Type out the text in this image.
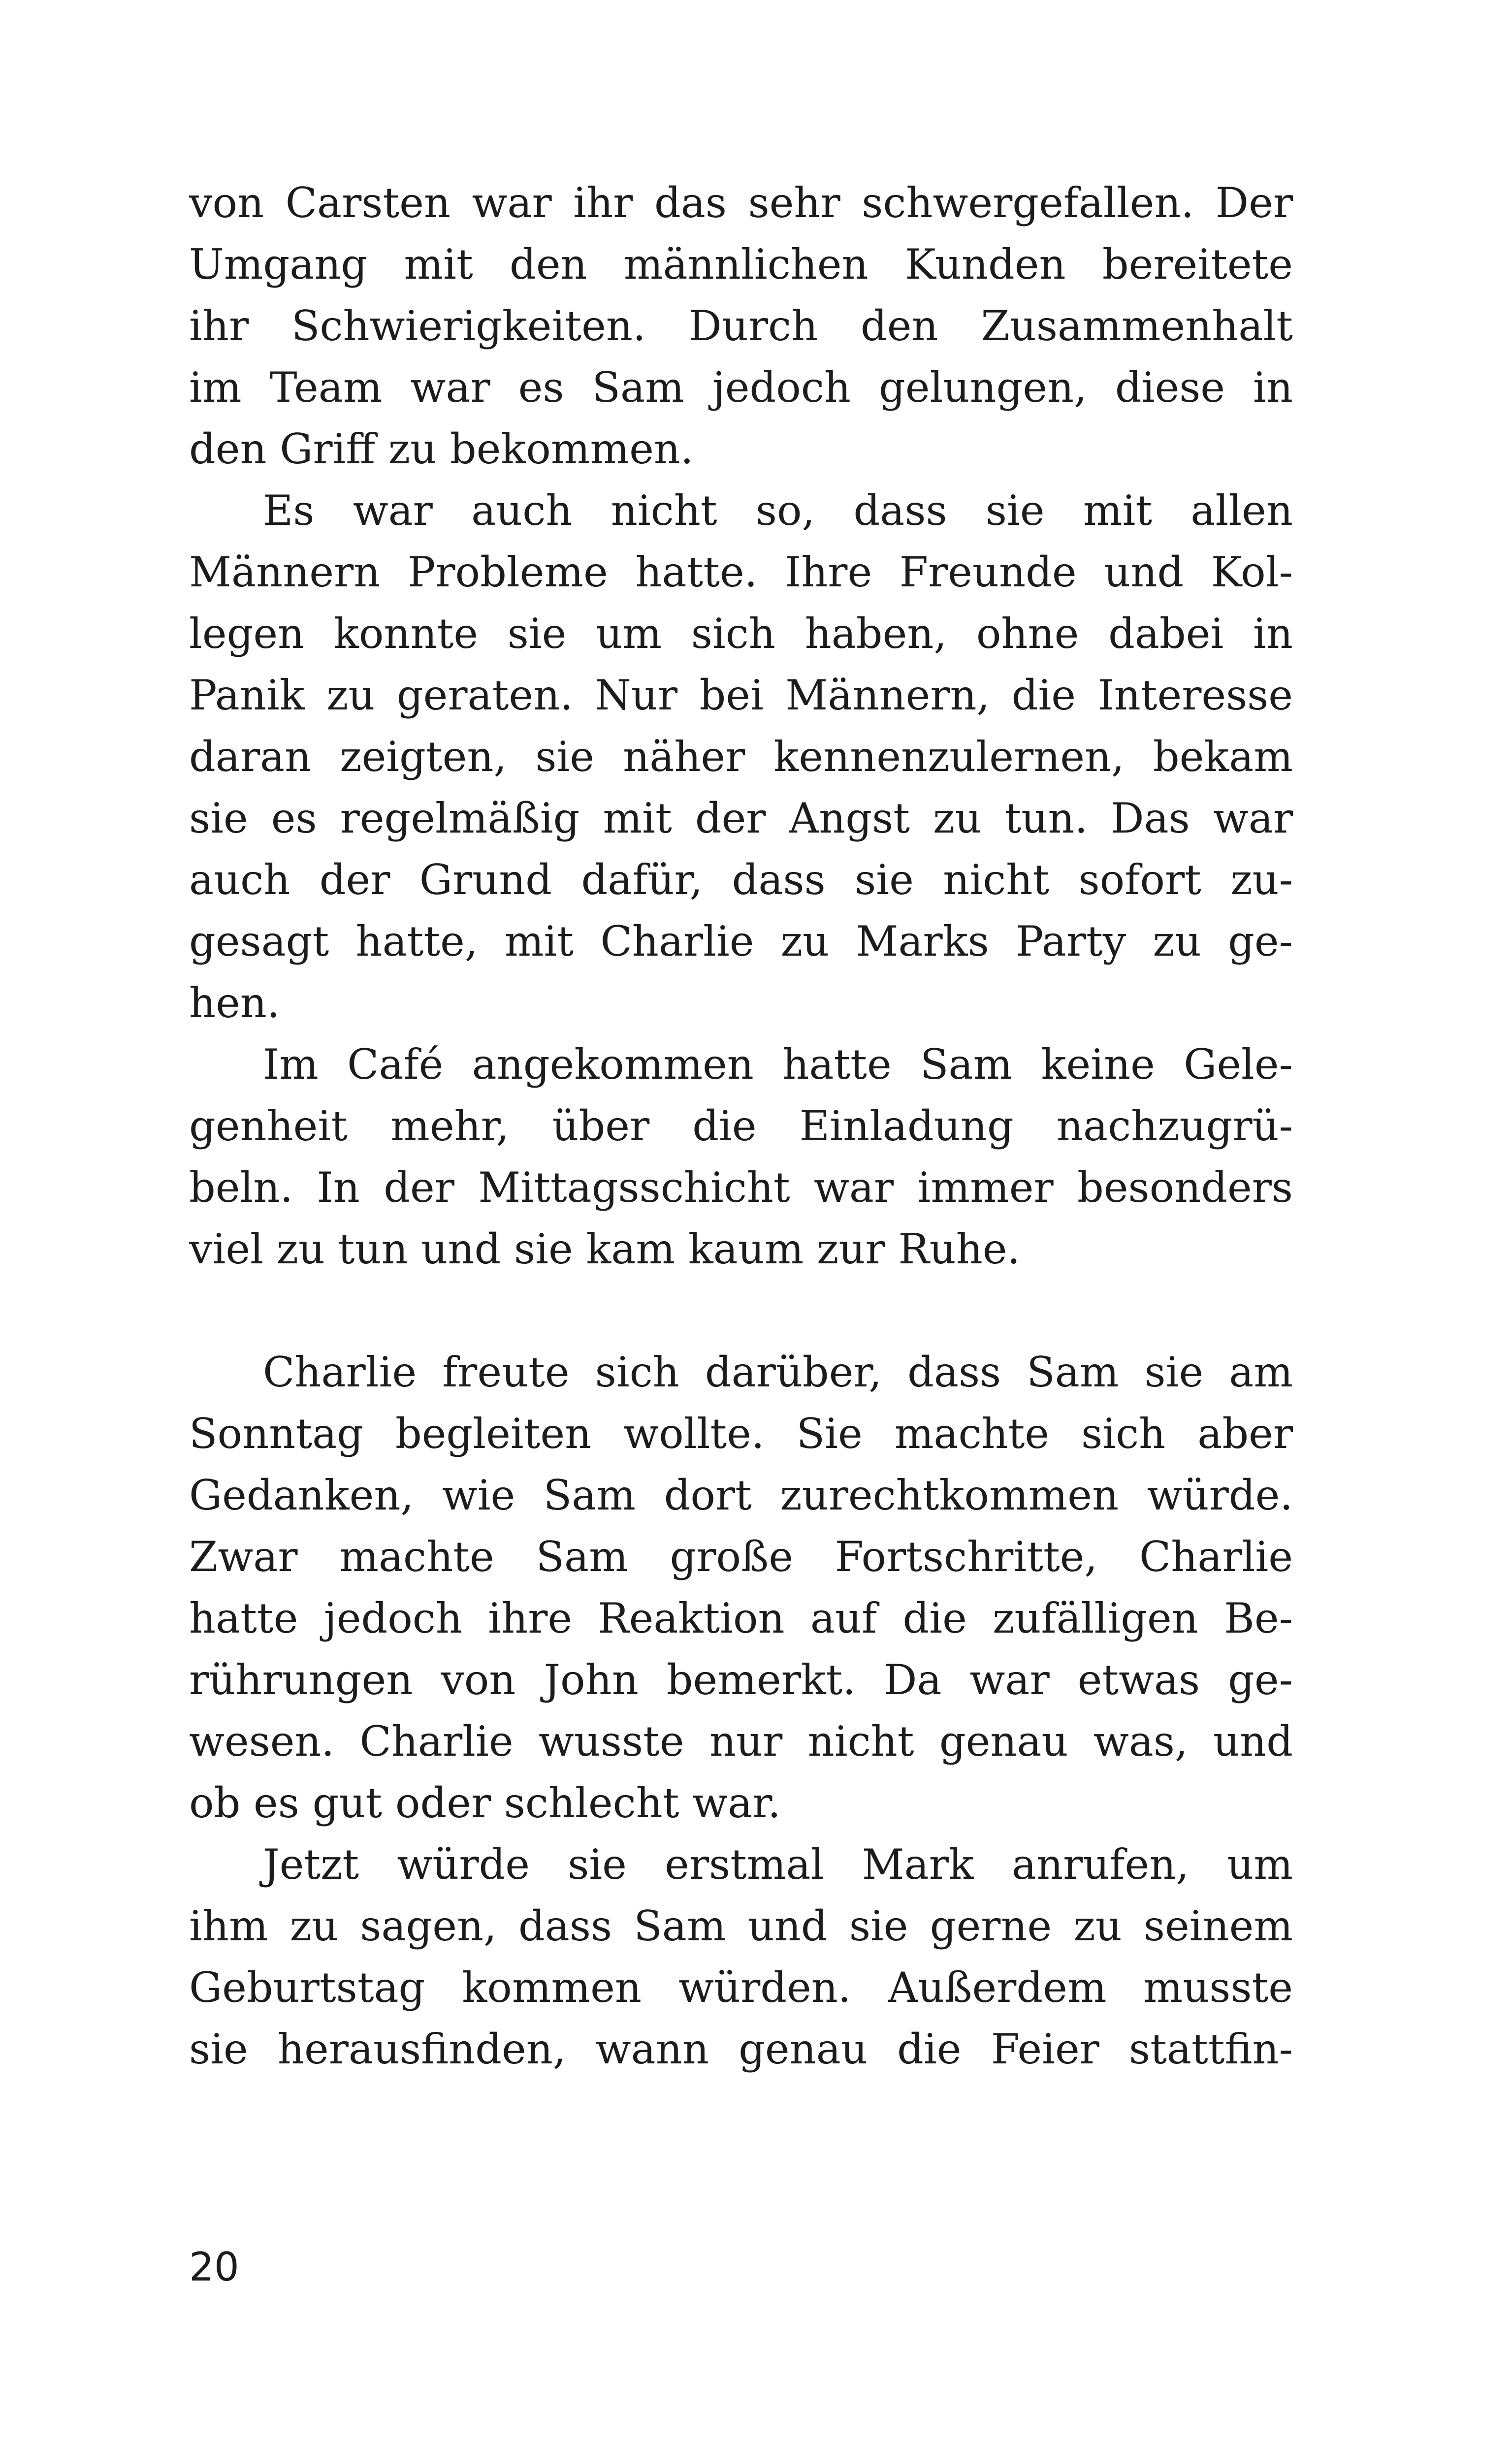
von Carsten war ihr das sehr schwergefallen. Der
Umgang mit den männlichen Kunden bereitete
ihr Schwierigkeiten. Durch den Zusammenhalt
im Team war es Sam jedoch gelungen, diese in
den Griff zu bekommen.
Es war auch nicht so, dass sie mit allen
Männern Probleme hatte. Ihre Freunde und Kol-
legen konnte sie um sich haben, ohne dabei in
Panik zu geraten. Nur bei Männern, die Interesse
daran zeigten, sie näher kennenzulernen, bekam
sie es regelmäßig mit der Angst zu tun. Das war
auch der Grund dafür, dass sie nicht sofort zu-
gesagt hatte, mit Charlie zu Marks Party zu ge-
hen.
Im Café angekommen hatte Sam keine Gele-
genheit mehr, über die Einladung nachzugrü-
beln. In der Mittagsschicht war immer besonders
viel zu tun und sie kam kaum zur Ruhe.
Charlie freute sich darüber, dass Sam sie am
Sonntag begleiten wollte. Sie machte sich aber
Gedanken, wie Sam dort zurechtkommen würde.
Zwar machte Sam große Fortschritte, Charlie
hatte jedoch ihre Reaktion auf die zufälligen Be-
rührungen von John bemerkt. Da war etwas ge-
wesen. Charlie wusste nur nicht genau was, und
ob es gut oder schlecht war.
Jetzt würde sie erstmal Mark anrufen, um
ihm zu sagen, dass Sam und sie gerne zu seinem
Geburtstag kommen würden. Außerdem musste
sie herausfinden, wann genau die Feier stattfin-
20
